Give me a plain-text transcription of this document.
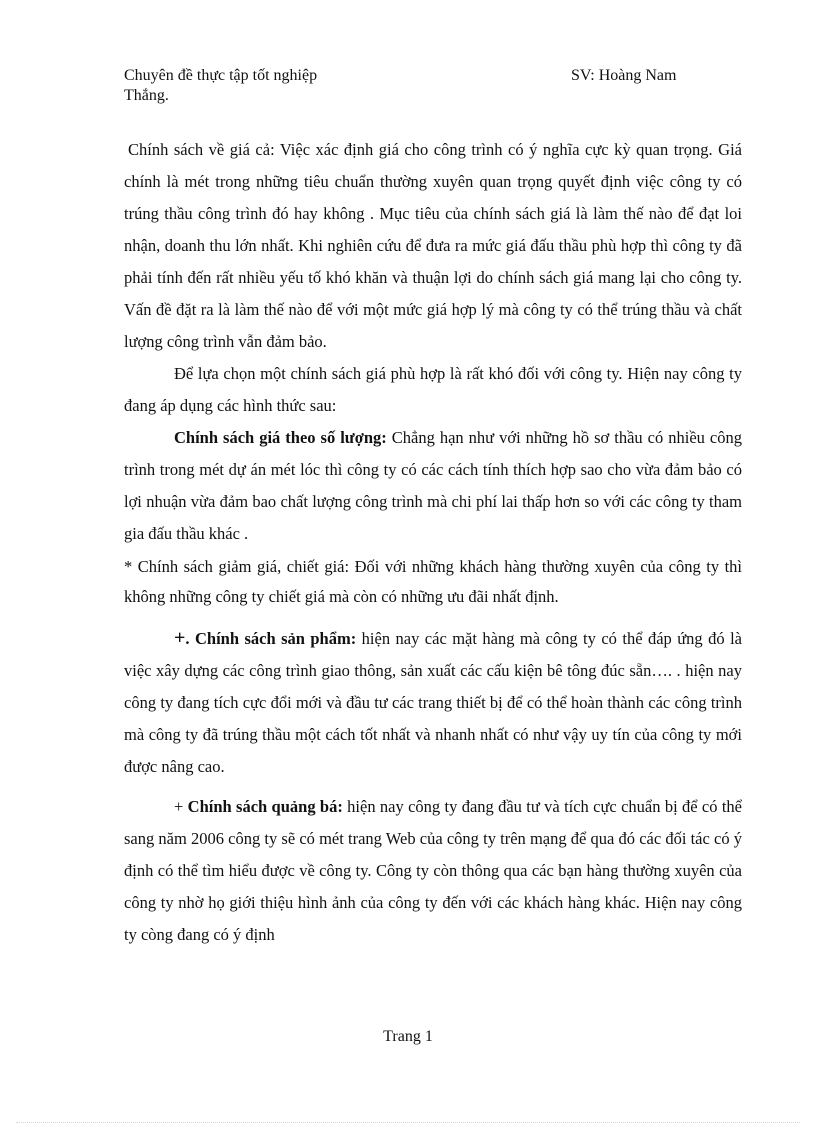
Chuyên đề thực tập tốt nghiệp	SV: Hoàng Nam
Thắng.

Chính sách về giá cả: Việc xác định giá cho công trình có ý nghĩa cực kỳ quan trọng. Giá chính là mét trong những tiêu chuẩn thường xuyên quan trọng quyết định việc công ty có trúng thầu công trình đó hay không . Mục tiêu của chính sách giá là làm thế nào để đạt loi nhận, doanh thu lớn nhất. Khi nghiên cứu để đưa ra mức giá đấu thầu phù hợp thì công ty đã phải tính đến rất nhiều yếu tố khó khăn và thuận lợi do chính sách giá mang lại cho công ty. Vấn đề đặt ra là làm thế nào để với một mức giá hợp lý mà công ty có thể trúng thầu và chất lượng công trình vẫn đảm bảo.

Để lựa chọn một chính sách giá phù hợp là rất khó đối với công ty. Hiện nay công ty đang áp dụng các hình thức sau:

Chính sách giá theo số lượng: Chẳng hạn như với những hồ sơ thầu có nhiều công trình trong mét dự án mét lóc thì công ty có các cách tính thích hợp sao cho vừa đảm bảo có lợi nhuận vừa đảm bao chất lượng công trình mà chi phí lai thấp hơn so với các công ty tham gia đấu thầu khác .

* Chính sách giảm giá, chiết giá: Đối với những khách hàng thường xuyên của công ty thì không những công ty chiết giá mà còn có những ưu đãi nhất định.

+. Chính sách sản phẩm: hiện nay các mặt hàng mà công ty có thể đáp ứng đó là việc xây dựng các công trình giao thông, sản xuất các cấu kiện bê tông đúc sẵn…. . hiện nay công ty đang tích cực đổi mới và đầu tư các trang thiết bị để có thể hoàn thành các công trình mà công ty đã trúng thầu một cách tốt nhất và nhanh nhất có như vậy uy tín của công ty mới được nâng cao.

+ Chính sách quảng bá: hiện nay công ty đang đầu tư và tích cực chuẩn bị để có thể sang năm 2006 công ty sẽ có mét trang Web của công ty trên mạng để qua đó các đối tác có ý định có thể tìm hiểu được về công ty. Công ty còn thông qua các bạn hàng thường xuyên của công ty nhờ họ giới thiệu hình ảnh của công ty đến với các khách hàng khác. Hiện nay công ty còng đang có ý định

Trang 1
